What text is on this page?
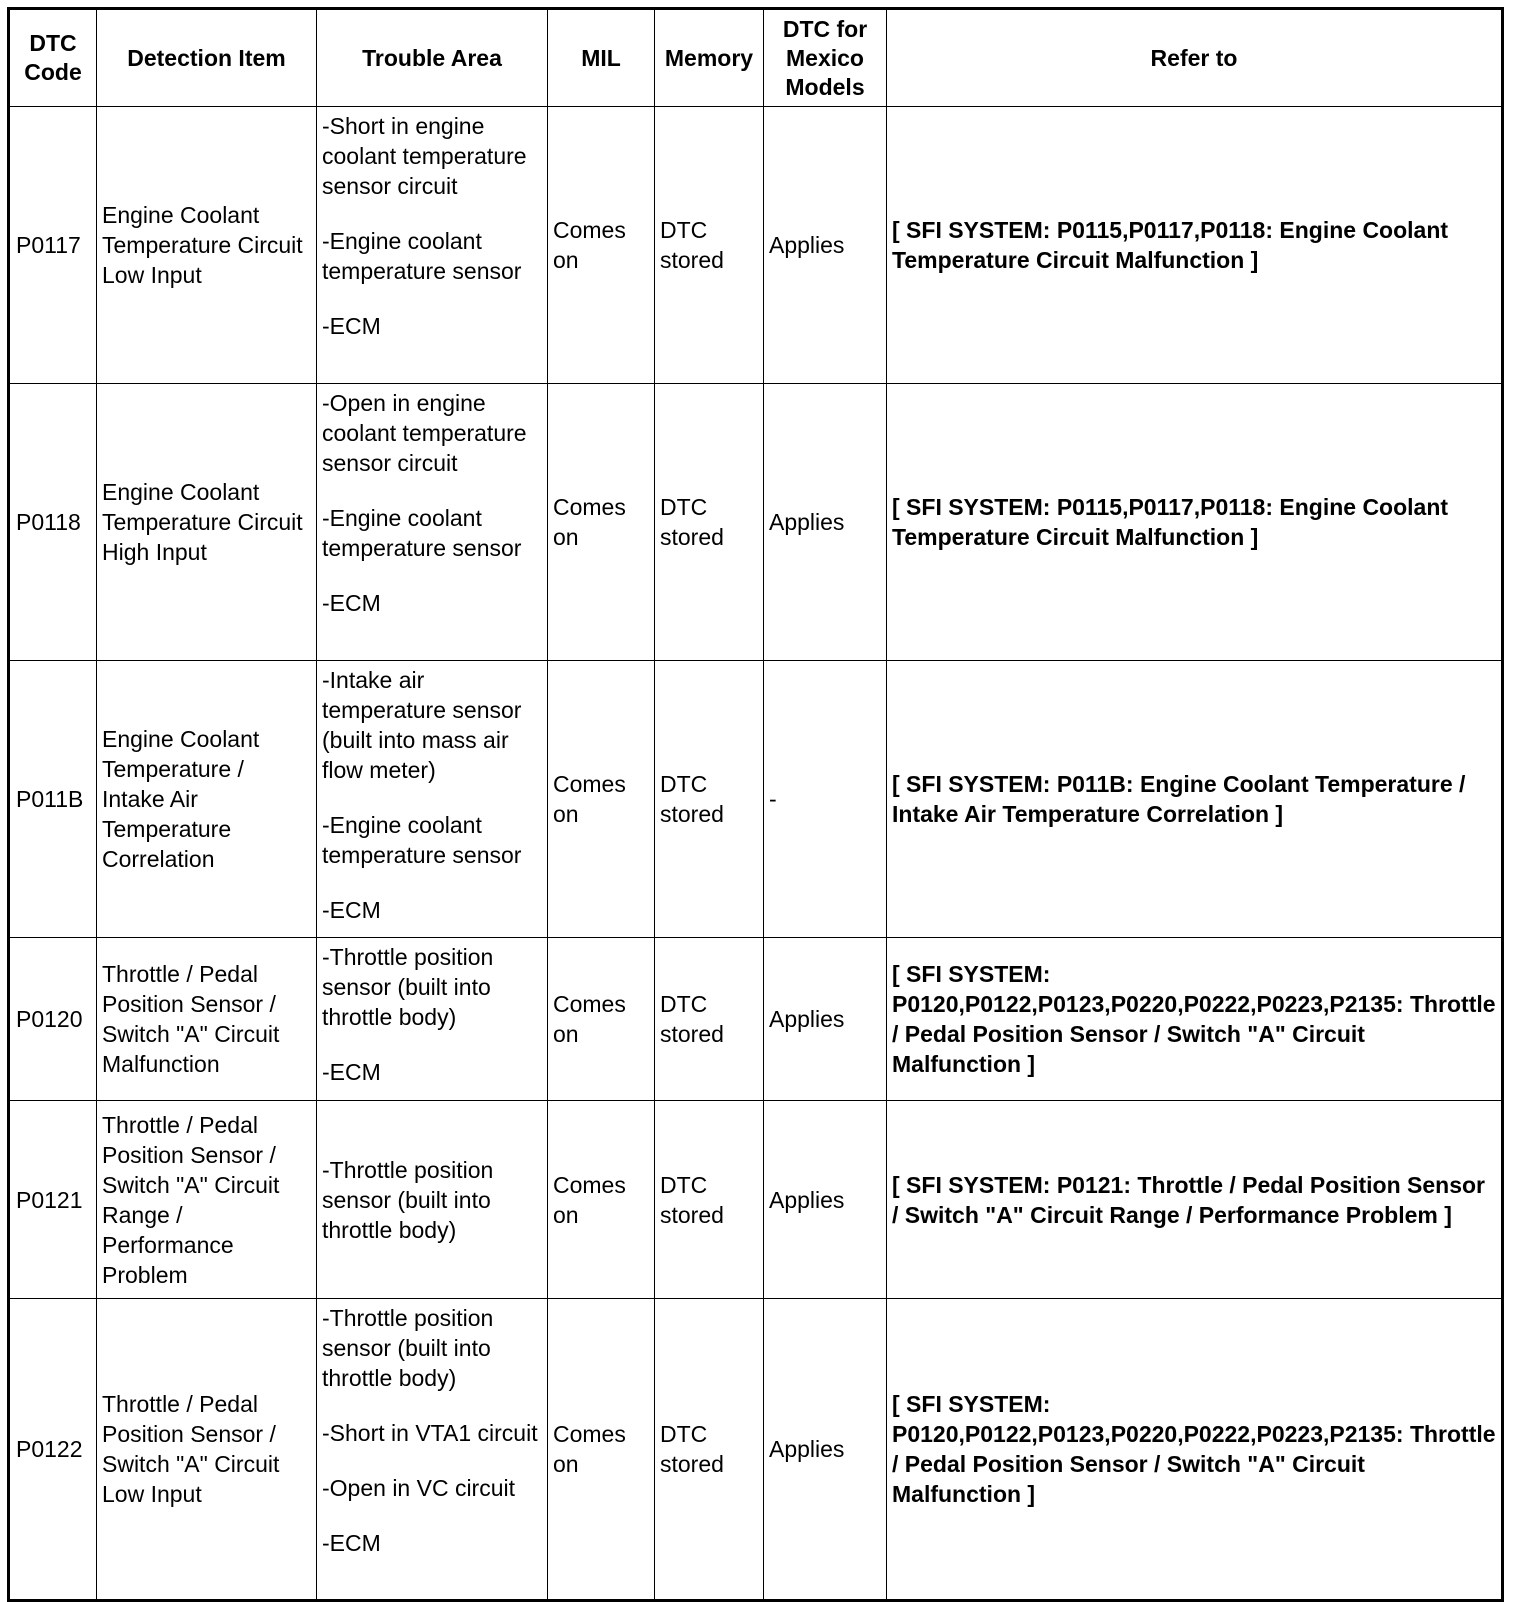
DTC Code	Detection Item	Trouble Area	MIL	Memory	DTC for Mexico Models	Refer to
P0117	Engine Coolant Temperature Circuit Low Input	-Short in engine coolant temperature sensor circuit
-Engine coolant temperature sensor
-ECM	Comes on	DTC stored	Applies	[ SFI SYSTEM: P0115,P0117,P0118: Engine Coolant Temperature Circuit Malfunction ]
P0118	Engine Coolant Temperature Circuit High Input	-Open in engine coolant temperature sensor circuit
-Engine coolant temperature sensor
-ECM	Comes on	DTC stored	Applies	[ SFI SYSTEM: P0115,P0117,P0118: Engine Coolant Temperature Circuit Malfunction ]
P011B	Engine Coolant Temperature / Intake Air Temperature Correlation	-Intake air temperature sensor (built into mass air flow meter)
-Engine coolant temperature sensor
-ECM	Comes on	DTC stored	-	[ SFI SYSTEM: P011B: Engine Coolant Temperature / Intake Air Temperature Correlation ]
P0120	Throttle / Pedal Position Sensor / Switch "A" Circuit Malfunction	-Throttle position sensor (built into throttle body)
-ECM	Comes on	DTC stored	Applies	[ SFI SYSTEM: P0120,P0122,P0123,P0220,P0222,P0223,P2135: Throttle / Pedal Position Sensor / Switch "A" Circuit Malfunction ]
P0121	Throttle / Pedal Position Sensor / Switch "A" Circuit Range / Performance Problem	-Throttle position sensor (built into throttle body)	Comes on	DTC stored	Applies	[ SFI SYSTEM: P0121: Throttle / Pedal Position Sensor / Switch "A" Circuit Range / Performance Problem ]
P0122	Throttle / Pedal Position Sensor / Switch "A" Circuit Low Input	-Throttle position sensor (built into throttle body)
-Short in VTA1 circuit
-Open in VC circuit
-ECM	Comes on	DTC stored	Applies	[ SFI SYSTEM: P0120,P0122,P0123,P0220,P0222,P0223,P2135: Throttle / Pedal Position Sensor / Switch "A" Circuit Malfunction ]
